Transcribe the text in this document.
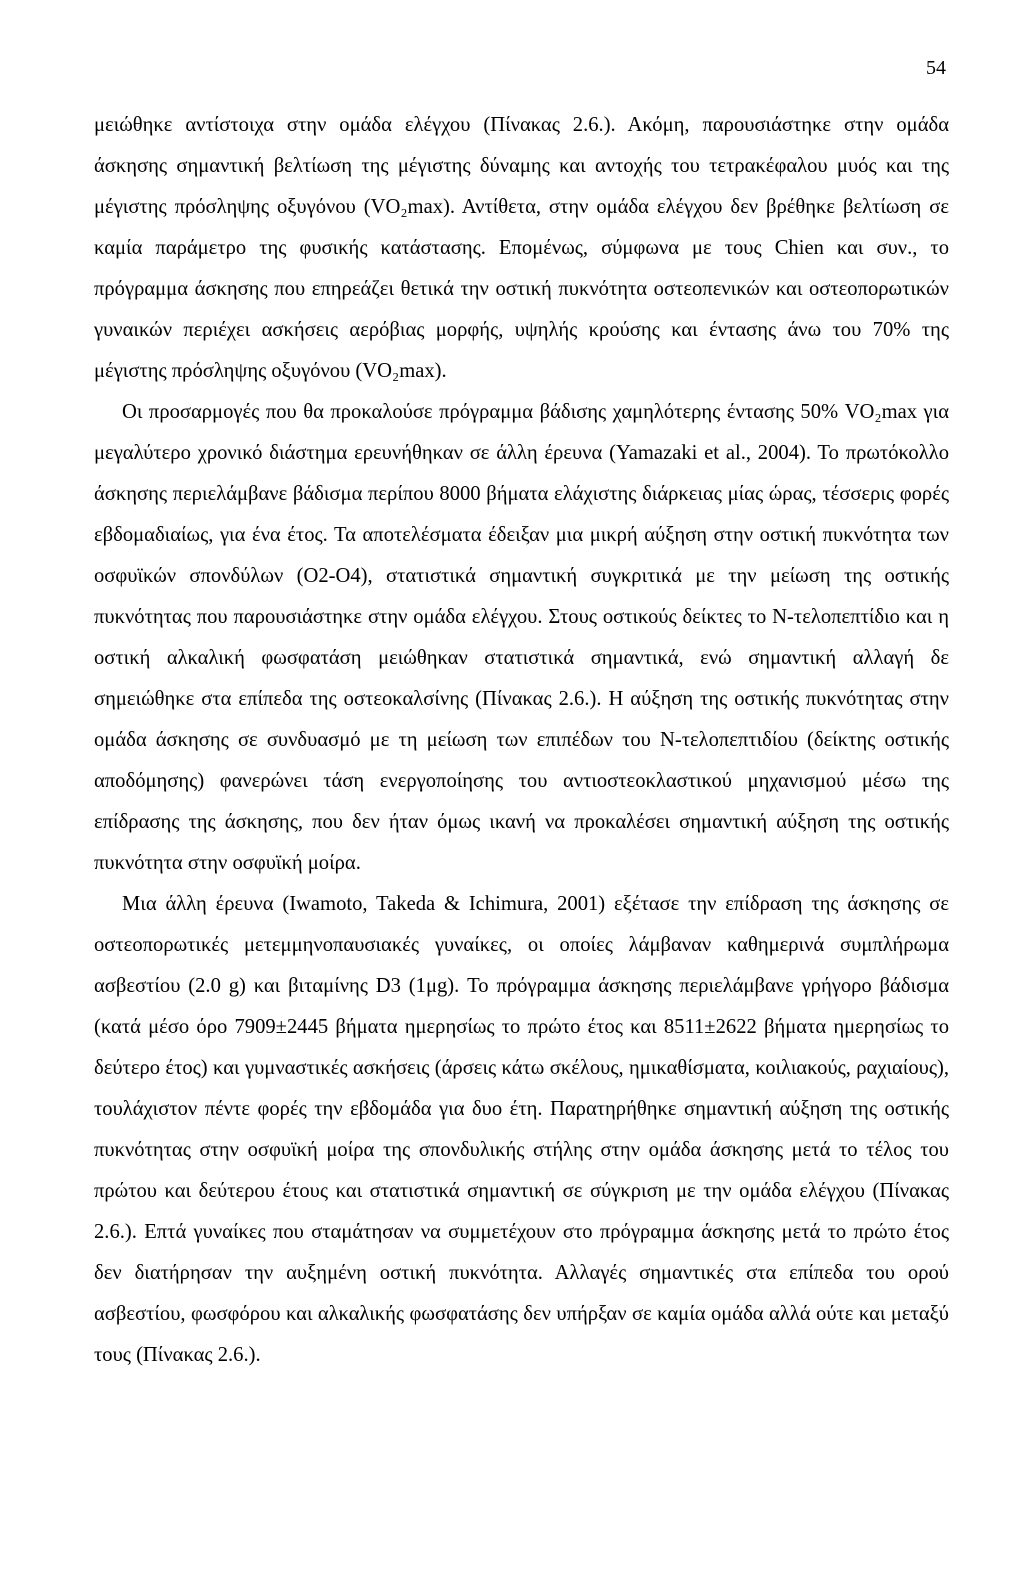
54

μειώθηκε αντίστοιχα στην ομάδα ελέγχου (Πίνακας 2.6.). Ακόμη, παρουσιάστηκε στην ομάδα άσκησης σημαντική βελτίωση της μέγιστης δύναμης και αντοχής του τετρακέφαλου μυός και της μέγιστης πρόσληψης οξυγόνου (VO₂max). Αντίθετα, στην ομάδα ελέγχου δεν βρέθηκε βελτίωση σε καμία παράμετρο της φυσικής κατάστασης. Επομένως, σύμφωνα με τους Chien και συν., το πρόγραμμα άσκησης που επηρεάζει θετικά την οστική πυκνότητα οστεοπενικών και οστεοπορωτικών γυναικών περιέχει ασκήσεις αερόβιας μορφής, υψηλής κρούσης και έντασης άνω του 70% της μέγιστης πρόσληψης οξυγόνου (VO₂max).

Οι προσαρμογές που θα προκαλούσε πρόγραμμα βάδισης χαμηλότερης έντασης 50% VO₂max για μεγαλύτερο χρονικό διάστημα ερευνήθηκαν σε άλλη έρευνα (Yamazaki et al., 2004). Το πρωτόκολλο άσκησης περιελάμβανε βάδισμα περίπου 8000 βήματα ελάχιστης διάρκειας μίας ώρας, τέσσερις φορές εβδομαδιαίως, για ένα έτος. Τα αποτελέσματα έδειξαν μια μικρή αύξηση στην οστική πυκνότητα των οσφυϊκών σπονδύλων (O2-O4), στατιστικά σημαντική συγκριτικά με την μείωση της οστικής πυκνότητας που παρουσιάστηκε στην ομάδα ελέγχου. Στους οστικούς δείκτες το Ν-τελοπεπτίδιο και η οστική αλκαλική φωσφατάση μειώθηκαν στατιστικά σημαντικά, ενώ σημαντική αλλαγή δε σημειώθηκε στα επίπεδα της οστεοκαλσίνης (Πίνακας 2.6.). Η αύξηση της οστικής πυκνότητας στην ομάδα άσκησης σε συνδυασμό με τη μείωση των επιπέδων του Ν-τελοπεπτιδίου (δείκτης οστικής αποδόμησης) φανερώνει τάση ενεργοποίησης του αντιοστεοκλαστικού μηχανισμού μέσω της επίδρασης της άσκησης, που δεν ήταν όμως ικανή να προκαλέσει σημαντική αύξηση της οστικής πυκνότητα στην οσφυϊκή μοίρα.

Μια άλλη έρευνα (Iwamoto, Takeda & Ichimura, 2001) εξέτασε την επίδραση της άσκησης σε οστεοπορωτικές μετεμμηνοπαυσιακές γυναίκες, οι οποίες λάμβαναν καθημερινά συμπλήρωμα ασβεστίου (2.0 g) και βιταμίνης D3 (1μg). Το πρόγραμμα άσκησης περιελάμβανε γρήγορο βάδισμα (κατά μέσο όρο 7909±2445 βήματα ημερησίως το πρώτο έτος και 8511±2622 βήματα ημερησίως το δεύτερο έτος) και γυμναστικές ασκήσεις (άρσεις κάτω σκέλους, ημικαθίσματα, κοιλιακούς, ραχιαίους), τουλάχιστον πέντε φορές την εβδομάδα για δυο έτη. Παρατηρήθηκε σημαντική αύξηση της οστικής πυκνότητας στην οσφυϊκή μοίρα της σπονδυλικής στήλης στην ομάδα άσκησης μετά το τέλος του πρώτου και δεύτερου έτους και στατιστικά σημαντική σε σύγκριση με την ομάδα ελέγχου (Πίνακας 2.6.). Επτά γυναίκες που σταμάτησαν να συμμετέχουν στο πρόγραμμα άσκησης μετά το πρώτο έτος δεν διατήρησαν την αυξημένη οστική πυκνότητα. Αλλαγές σημαντικές στα επίπεδα του ορού ασβεστίου, φωσφόρου και αλκαλικής φωσφατάσης δεν υπήρξαν σε καμία ομάδα αλλά ούτε και μεταξύ τους (Πίνακας 2.6.).
